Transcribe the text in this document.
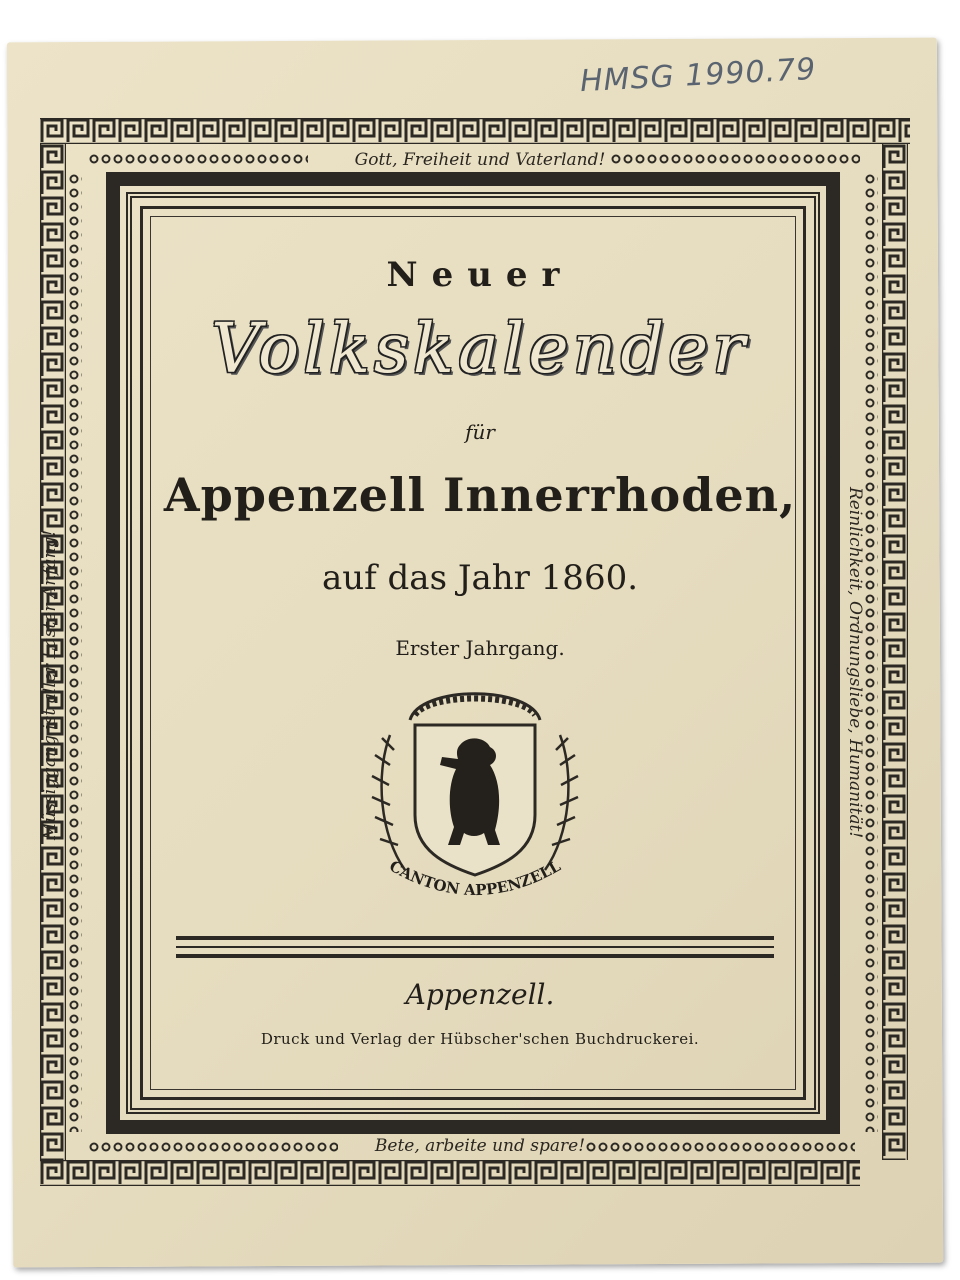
HMSG 1990.79
Gott, Freiheit und Vaterland!
Bete, arbeite und spare!
Müssiggang ist aller Laster Anfang!	Reinlichkeit, Ordnungsliebe, Humanität!
Neuer
Volkskalender
für
Appenzell Innerrhoden,
auf das Jahr 1860.
Erster Jahrgang.
CANTON APPENZELL
Appenzell.
Druck und Verlag der Hübscher'schen Buchdruckerei.
